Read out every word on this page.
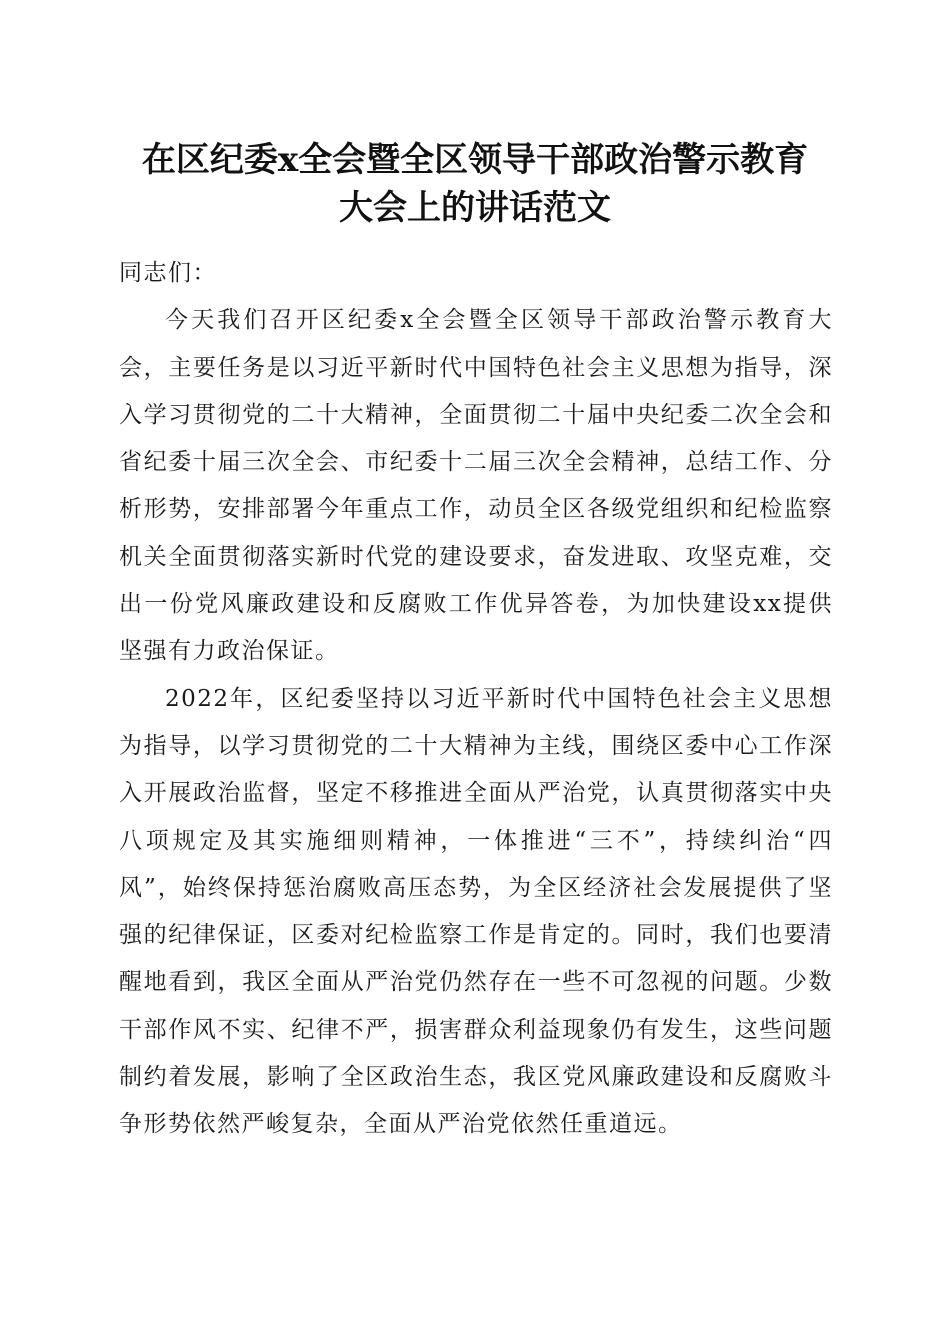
在区纪委x全会暨全区领导干部政治警示教育
大会上的讲话范文

同志们：

今天我们召开区纪委x全会暨全区领导干部政治警示教育大会，主要任务是以习近平新时代中国特色社会主义思想为指导，深入学习贯彻党的二十大精神，全面贯彻二十届中央纪委二次全会和省纪委十届三次全会、市纪委十二届三次全会精神，总结工作、分析形势，安排部署今年重点工作，动员全区各级党组织和纪检监察机关全面贯彻落实新时代党的建设要求，奋发进取、攻坚克难，交出一份党风廉政建设和反腐败工作优异答卷，为加快建设xx提供坚强有力政治保证。

2022年，区纪委坚持以习近平新时代中国特色社会主义思想为指导，以学习贯彻党的二十大精神为主线，围绕区委中心工作深入开展政治监督，坚定不移推进全面从严治党，认真贯彻落实中央八项规定及其实施细则精神，一体推进“三不”，持续纠治“四风”，始终保持惩治腐败高压态势，为全区经济社会发展提供了坚强的纪律保证，区委对纪检监察工作是肯定的。同时，我们也要清醒地看到，我区全面从严治党仍然存在一些不可忽视的问题。少数干部作风不实、纪律不严，损害群众利益现象仍有发生，这些问题制约着发展，影响了全区政治生态，我区党风廉政建设和反腐败斗争形势依然严峻复杂，全面从严治党依然任重道远。
